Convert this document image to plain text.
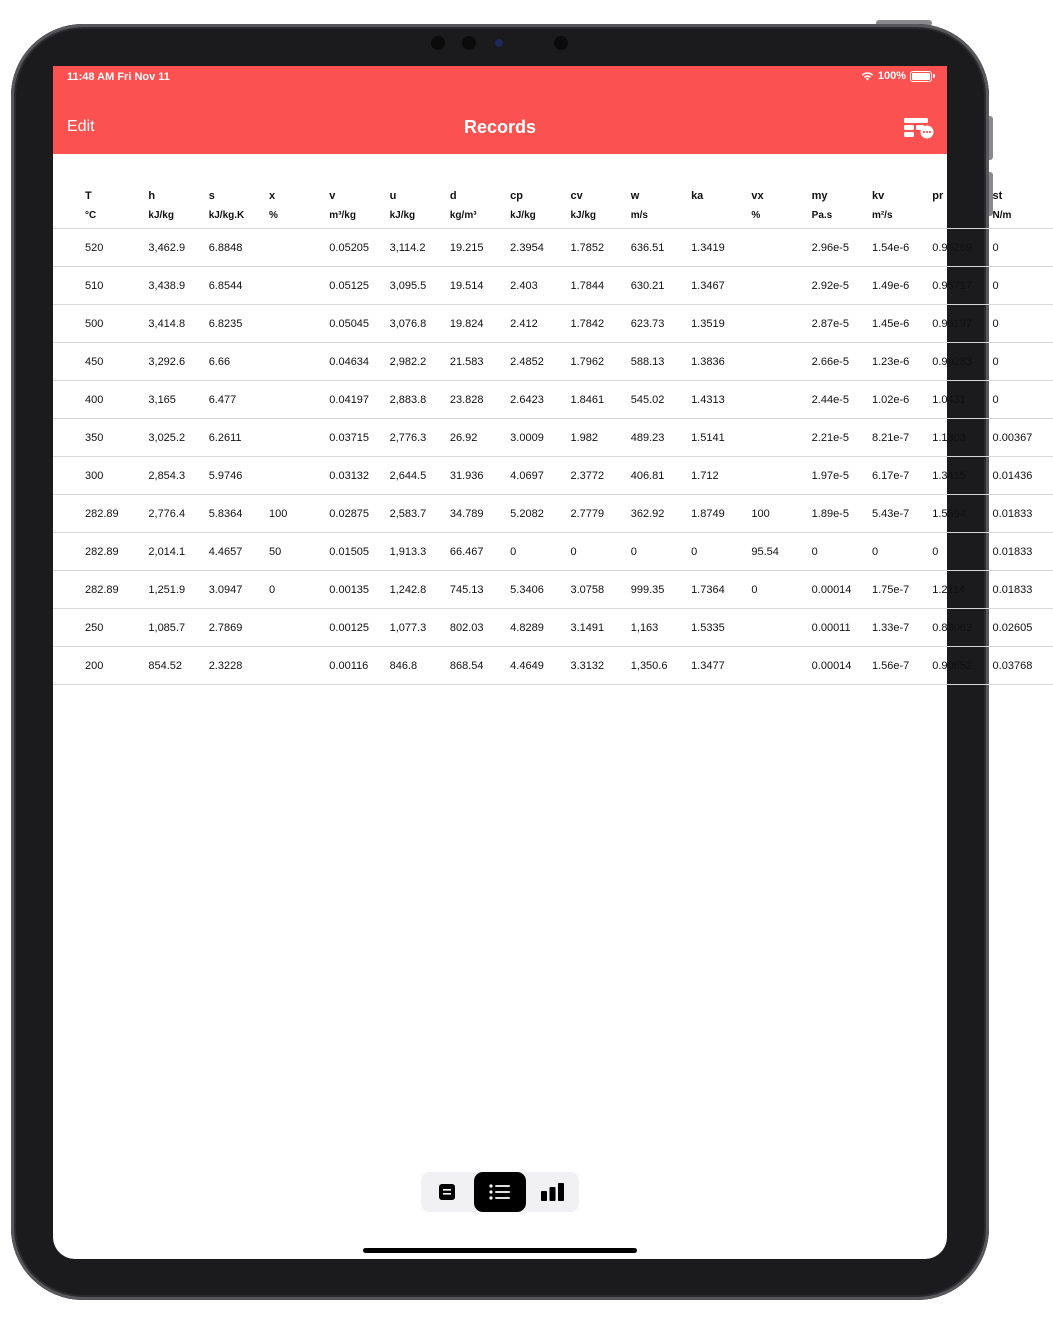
11:48 AM Fri Nov 11	100%
Edit	Records
T	h	s	x	v	u	d	cp	cv	w	ka	vx	my	kv	pr	st
°C	kJ/kg	kJ/kg.K	%	m³/kg	kJ/kg	kg/m³	kJ/kg	kJ/kg	m/s		%	Pa.s	m²/s		N/m
520	3,462.9	6.8848		0.05205	3,114.2	19.215	2.3954	1.7852	636.51	1.3419		2.96e-5	1.54e-6	0.95269	0
510	3,438.9	6.8544		0.05125	3,095.5	19.514	2.403	1.7844	630.21	1.3467		2.92e-5	1.49e-6	0.95717	0
500	3,414.8	6.8235		0.05045	3,076.8	19.824	2.412	1.7842	623.73	1.3519		2.87e-5	1.45e-6	0.96197	0
450	3,292.6	6.66		0.04634	2,982.2	21.583	2.4852	1.7962	588.13	1.3836		2.66e-5	1.23e-6	0.99283	0
400	3,165	6.477		0.04197	2,883.8	23.828	2.6423	1.8461	545.02	1.4313		2.44e-5	1.02e-6	1.0431	0
350	3,025.2	6.2611		0.03715	2,776.3	26.92	3.0009	1.982	489.23	1.5141		2.21e-5	8.21e-7	1.1303	0.00367
300	2,854.3	5.9746		0.03132	2,644.5	31.936	4.0697	2.3772	406.81	1.712		1.97e-5	6.17e-7	1.3415	0.01436
282.89	2,776.4	5.8364	100	0.02875	2,583.7	34.789	5.2082	2.7779	362.92	1.8749	100	1.89e-5	5.43e-7	1.5594	0.01833
282.89	2,014.1	4.4657	50	0.01505	1,913.3	66.467	0	0	0	0	95.54	0	0	0	0.01833
282.89	1,251.9	3.0947	0	0.00135	1,242.8	745.13	5.3406	3.0758	999.35	1.7364	0	0.00014	1.75e-7	1.2114	0.01833
250	1,085.7	2.7869		0.00125	1,077.3	802.03	4.8289	3.1491	1,163	1.5335		0.00011	1.33e-7	0.83062	0.02605
200	854.52	2.3228		0.00116	846.8	868.54	4.4649	3.3132	1,350.6	1.3477		0.00014	1.56e-7	0.90652	0.03768
